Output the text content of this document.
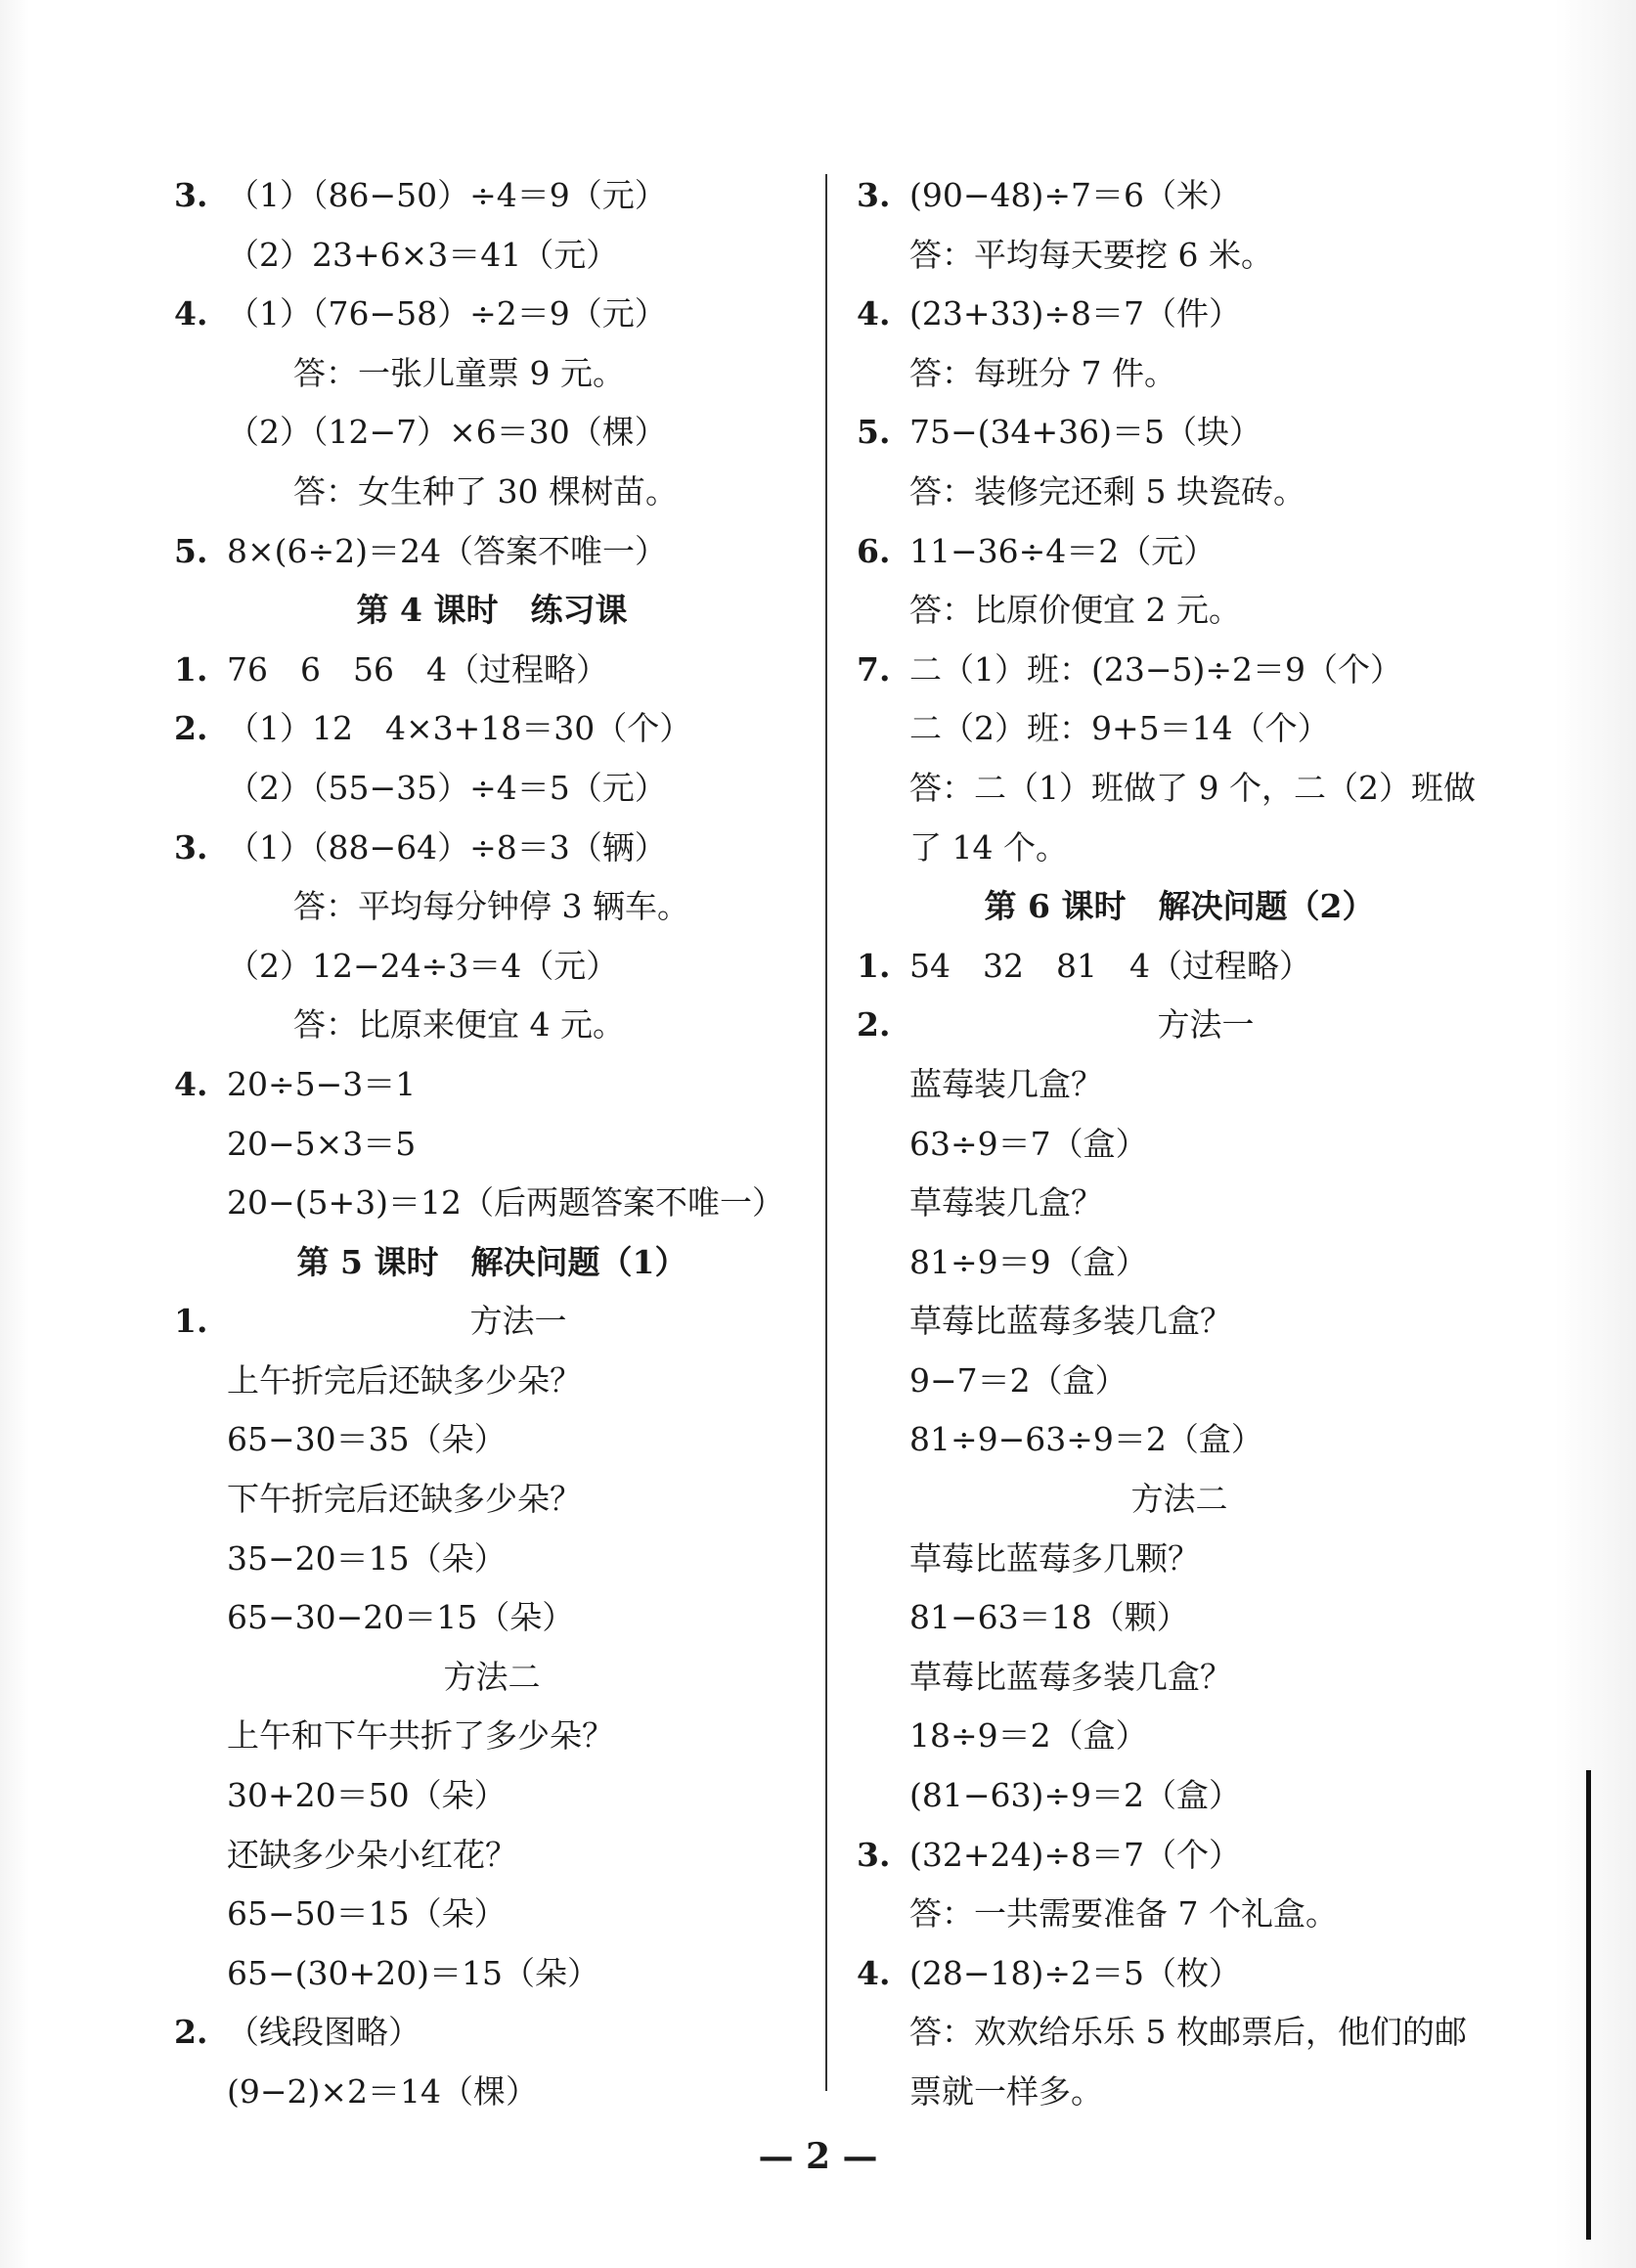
3. （1）（86−50）÷4＝9（元）
（2）23+6×3＝41（元）
4. （1）（76−58）÷2＝9（元）
答：一张儿童票 9 元。
（2）（12−7）×6＝30（棵）
答：女生种了 30 棵树苗。
5. 8×(6÷2)＝24（答案不唯一）
第 4 课时　练习课
1. 76　6　56　4（过程略）
2. （1）12　4×3+18＝30（个）
（2）（55−35）÷4＝5（元）
3. （1）（88−64）÷8＝3（辆）
答：平均每分钟停 3 辆车。
（2）12−24÷3＝4（元）
答：比原来便宜 4 元。
4. 20÷5−3＝1
20−5×3＝5
20−(5+3)＝12（后两题答案不唯一）
第 5 课时　解决问题（1）
1.	方法一
上午折完后还缺多少朵？
65−30＝35（朵）
下午折完后还缺多少朵？
35−20＝15（朵）
65−30−20＝15（朵）
方法二
上午和下午共折了多少朵？
30+20＝50（朵）
还缺多少朵小红花？
65−50＝15（朵）
65−(30+20)＝15（朵）
2. （线段图略）
(9−2)×2＝14（棵）
3. (90−48)÷7＝6（米）
答：平均每天要挖 6 米。
4. (23+33)÷8＝7（件）
答：每班分 7 件。
5. 75−(34+36)＝5（块）
答：装修完还剩 5 块瓷砖。
6. 11−36÷4＝2（元）
答：比原价便宜 2 元。
7. 二（1）班：(23−5)÷2＝9（个）
二（2）班：9+5＝14（个）
答：二（1）班做了 9 个，二（2）班做
了 14 个。
第 6 课时　解决问题（2）
1. 54　32　81　4（过程略）
2.	方法一
蓝莓装几盒？
63÷9＝7（盒）
草莓装几盒？
81÷9＝9（盒）
草莓比蓝莓多装几盒？
9−7＝2（盒）
81÷9−63÷9＝2（盒）
方法二
草莓比蓝莓多几颗？
81−63＝18（颗）
草莓比蓝莓多装几盒？
18÷9＝2（盒）
(81−63)÷9＝2（盒）
3. (32+24)÷8＝7（个）
答：一共需要准备 7 个礼盒。
4. (28−18)÷2＝5（枚）
答：欢欢给乐乐 5 枚邮票后，他们的邮
票就一样多。
— 2 —
